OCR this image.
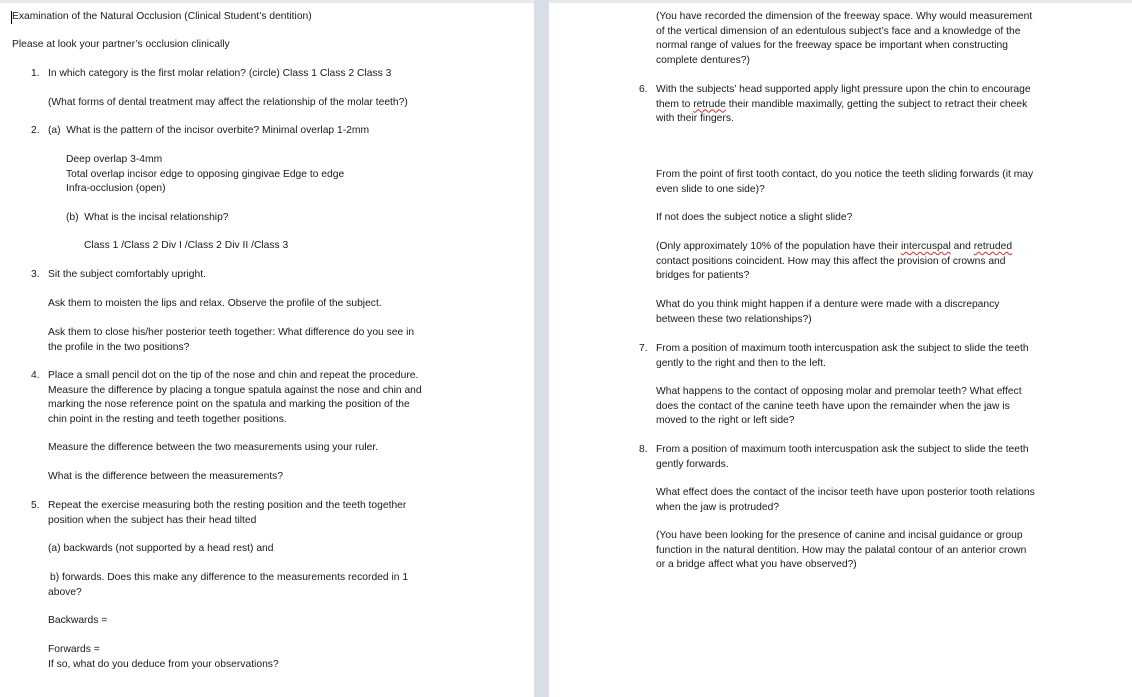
Examination of the Natural Occlusion (Clinical Student’s dentition)
Please at look your partner’s occlusion clinically
1. In which category is the first molar relation? (circle) Class 1 Class 2 Class 3
(What forms of dental treatment may affect the relationship of the molar teeth?)
2. (a)  What is the pattern of the incisor overbite? Minimal overlap 1-2mm
Deep overlap 3-4mm
Total overlap incisor edge to opposing gingivae Edge to edge
Infra-occlusion (open)
(b)  What is the incisal relationship?
Class 1 /Class 2 Div I /Class 2 Div II /Class 3
3. Sit the subject comfortably upright.
Ask them to moisten the lips and relax. Observe the profile of the subject.
Ask them to close his/her posterior teeth together: What difference do you see in
the profile in the two positions?
4. Place a small pencil dot on the tip of the nose and chin and repeat the procedure.
Measure the difference by placing a tongue spatula against the nose and chin and
marking the nose reference point on the spatula and marking the position of the
chin point in the resting and teeth together positions.
Measure the difference between the two measurements using your ruler.
What is the difference between the measurements?
5. Repeat the exercise measuring both the resting position and the teeth together
position when the subject has their head tilted
(a) backwards (not supported by a head rest) and
b) forwards. Does this make any difference to the measurements recorded in 1
above?
Backwards =
Forwards =
If so, what do you deduce from your observations?
(You have recorded the dimension of the freeway space. Why would measurement
of the vertical dimension of an edentulous subject’s face and a knowledge of the
normal range of values for the freeway space be important when constructing
complete dentures?)
6. With the subjects’ head supported apply light pressure upon the chin to encourage
them to retrude their mandible maximally, getting the subject to retract their cheek
with their fingers.
From the point of first tooth contact, do you notice the teeth sliding forwards (it may
even slide to one side)?
If not does the subject notice a slight slide?
(Only approximately 10% of the population have their intercuspal and retruded
contact positions coincident. How may this affect the provision of crowns and
bridges for patients?
What do you think might happen if a denture were made with a discrepancy
between these two relationships?)
7. From a position of maximum tooth intercuspation ask the subject to slide the teeth
gently to the right and then to the left.
What happens to the contact of opposing molar and premolar teeth? What effect
does the contact of the canine teeth have upon the remainder when the jaw is
moved to the right or left side?
8. From a position of maximum tooth intercuspation ask the subject to slide the teeth
gently forwards.
What effect does the contact of the incisor teeth have upon posterior tooth relations
when the jaw is protruded?
(You have been looking for the presence of canine and incisal guidance or group
function in the natural dentition. How may the palatal contour of an anterior crown
or a bridge affect what you have observed?)
